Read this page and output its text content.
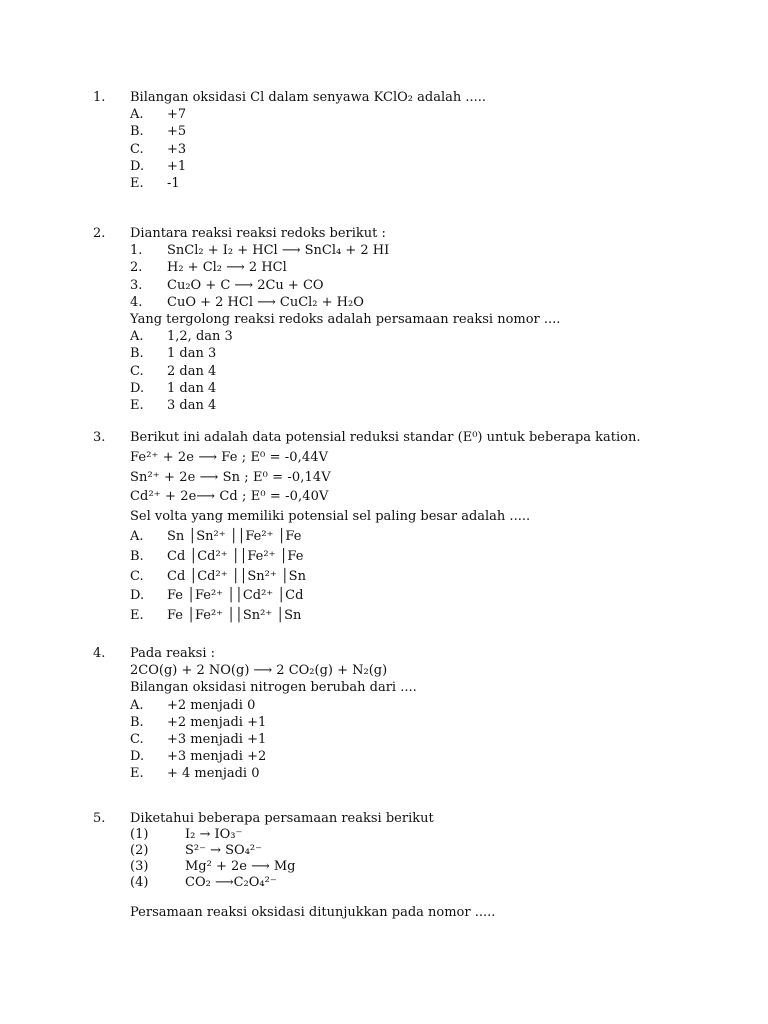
1. Bilangan oksidasi Cl dalam senyawa KClO₂ adalah .....
A. +7
B. +5
C. +3
D. +1
E. -1
2. Diantara reaksi reaksi redoks berikut :
1. SnCl₂ + I₂ + HCl ⟶ SnCl₄ + 2 HI
2. H₂ + Cl₂ ⟶ 2 HCl
3. Cu₂O + C ⟶ 2Cu + CO
4. CuO + 2 HCl ⟶ CuCl₂ + H₂O
Yang tergolong reaksi redoks adalah persamaan reaksi nomor ....
A. 1,2, dan 3
B. 1 dan 3
C. 2 dan 4
D. 1 dan 4
E. 3 dan 4
3. Berikut ini adalah data potensial reduksi standar (E⁰) untuk beberapa kation.
Fe²⁺ + 2e ⟶ Fe ; E⁰ = -0,44V
Sn²⁺ + 2e ⟶ Sn ; E⁰ = -0,14V
Cd²⁺ + 2e⟶ Cd ; E⁰ = -0,40V
Sel volta yang memiliki potensial sel paling besar adalah .....
A. Sn │Sn²⁺ ││Fe²⁺ │Fe
B. Cd │Cd²⁺ ││Fe²⁺ │Fe
C. Cd │Cd²⁺ ││Sn²⁺ │Sn
D. Fe │Fe²⁺ ││Cd²⁺ │Cd
E. Fe │Fe²⁺ ││Sn²⁺ │Sn
4. Pada reaksi :
2CO(g) + 2 NO(g) ⟶ 2 CO₂(g) + N₂(g)
Bilangan oksidasi nitrogen berubah dari ....
A. +2 menjadi 0
B. +2 menjadi +1
C. +3 menjadi +1
D. +3 menjadi +2
E. + 4 menjadi 0
5. Diketahui beberapa persamaan reaksi berikut
(1)	I₂ → IO₃⁻
(2)	S²⁻ → SO₄²⁻
(3)	Mg² + 2e ⟶ Mg
(4)	CO₂ ⟶C₂O₄²⁻
Persamaan reaksi oksidasi ditunjukkan pada nomor .....
